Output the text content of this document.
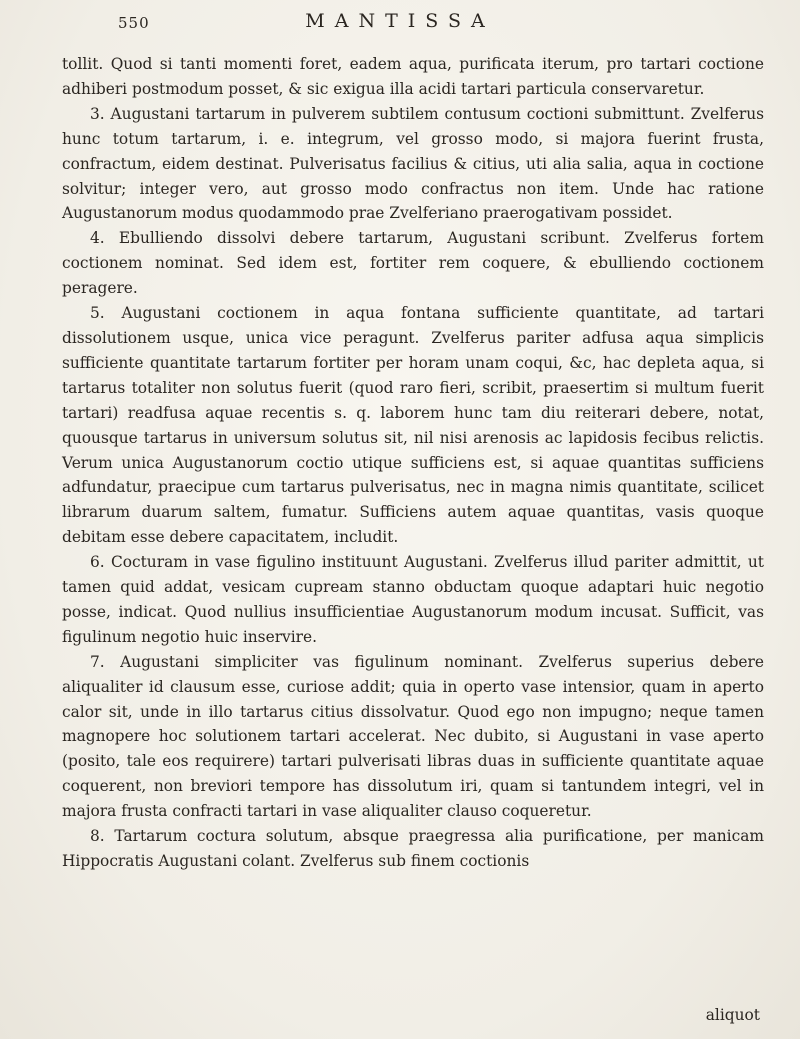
550	MANTISSA

tollit. Quod si tanti momenti foret, eadem aqua, purificata iterum, pro tartari coctione adhiberi postmodum posset, & sic exigua illa acidi tartari particula conservaretur.

3. Augustani tartarum in pulverem subtilem contusum coctioni submittunt. Zvelferus hunc totum tartarum, i. e. integrum, vel grosso modo, si majora fuerint frusta, confractum, eidem destinat. Pulverisatus facilius & citius, uti alia salia, aqua in coctione solvitur; integer vero, aut grosso modo confractus non item. Unde hac ratione Augustanorum modus quodammodo prae Zvelferiano praerogativam possidet.

4. Ebulliendo dissolvi debere tartarum, Augustani scribunt. Zvelferus fortem coctionem nominat. Sed idem est, fortiter rem coquere, & ebulliendo coctionem peragere.

5. Augustani coctionem in aqua fontana sufficiente quantitate, ad tartari dissolutionem usque, unica vice peragunt. Zvelferus pariter adfusa aqua simplicis sufficiente quantitate tartarum fortiter per horam unam coqui, &c, hac depleta aqua, si tartarus totaliter non solutus fuerit (quod raro fieri, scribit, praesertim si multum fuerit tartari) readfusa aquae recentis s. q. laborem hunc tam diu reiterari debere, notat, quousque tartarus in universum solutus sit, nil nisi arenosis ac lapidosis fecibus relictis. Verum unica Augustanorum coctio utique sufficiens est, si aquae quantitas sufficiens adfundatur, praecipue cum tartarus pulverisatus, nec in magna nimis quantitate, scilicet librarum duarum saltem, fumatur. Sufficiens autem aquae quantitas, vasis quoque debitam esse debere capacitatem, includit.

6. Cocturam in vase figulino instituunt Augustani. Zvelferus illud pariter admittit, ut tamen quid addat, vesicam cupream stanno obductam quoque adaptari huic negotio posse, indicat. Quod nullius insufficientiae Augustanorum modum incusat. Sufficit, vas figulinum negotio huic inservire.

7. Augustani simpliciter vas figulinum nominant. Zvelferus superius debere aliqualiter id clausum esse, curiose addit; quia in operto vase intensior, quam in aperto calor sit, unde in illo tartarus citius dissolvatur. Quod ego non impugno; neque tamen magnopere hoc solutionem tartari accelerat. Nec dubito, si Augustani in vase aperto (posito, tale eos requirere) tartari pulverisati libras duas in sufficiente quantitate aquae coquerent, non breviori tempore has dissolutum iri, quam si tantundem integri, vel in majora frusta confracti tartari in vase aliqualiter clauso coqueretur.

8. Tartarum coctura solutum, absque praegressa alia purificatione, per manicam Hippocratis Augustani colant. Zvelferus sub finem coctionis

aliquot
